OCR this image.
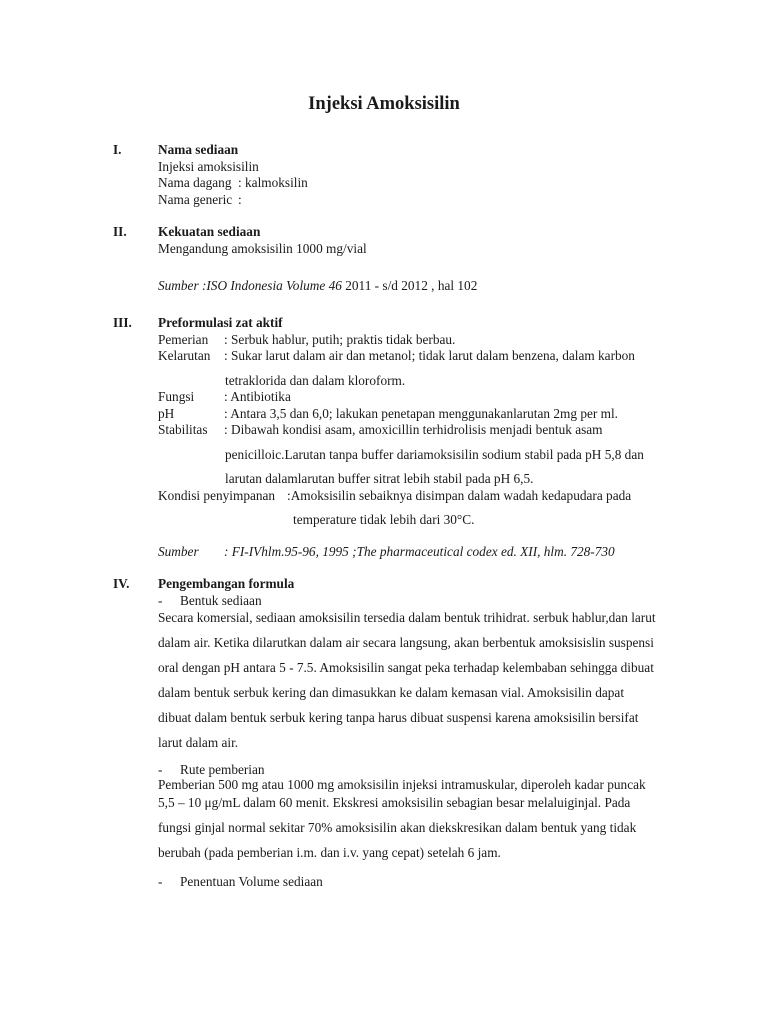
Injeksi Amoksisilin
I.	Nama sediaan
Injeksi amoksisilin
Nama dagang : kalmoksilin
Nama generic :
II. Kekuatan sediaan
Mengandung amoksisilin 1000 mg/vial
Sumber :ISO Indonesia Volume 46 2011 - s/d 2012 , hal 102
III. Preformulasi zat aktif
Pemerian	: Serbuk hablur, putih; praktis tidak berbau.
Kelarutan	: Sukar larut dalam air dan metanol; tidak larut dalam benzena, dalam karbon
tetraklorida dan dalam kloroform.
Fungsi	: Antibiotika
pH	: Antara 3,5 dan 6,0; lakukan penetapan menggunakanlarutan 2mg per ml.
Stabilitas	: Dibawah kondisi asam, amoxicillin terhidrolisis menjadi bentuk asam
penicilloic.Larutan tanpa buffer dariamoksisilin sodium stabil pada pH 5,8 dan
larutan dalamlarutan buffer sitrat lebih stabil pada pH 6,5.
Kondisi penyimpanan :Amoksisilin sebaiknya disimpan dalam wadah kedapudara pada
temperature tidak lebih dari 30°C.
Sumber	: FI-IVhlm.95-96, 1995 ;The pharmaceutical codex ed. XII, hlm. 728-730
IV. Pengembangan formula
-	Bentuk sediaan
Secara komersial, sediaan amoksisilin tersedia dalam bentuk trihidrat. serbuk hablur,dan larut
dalam air. Ketika dilarutkan dalam air secara langsung, akan berbentuk amoksisislin suspensi
oral dengan pH antara 5 - 7.5. Amoksisilin sangat peka terhadap kelembaban sehingga dibuat
dalam bentuk serbuk kering dan dimasukkan ke dalam kemasan vial. Amoksisilin dapat
dibuat dalam bentuk serbuk kering tanpa harus dibuat suspensi karena amoksisilin bersifat
larut dalam air.
-	Rute pemberian
Pemberian 500 mg atau 1000 mg amoksisilin injeksi intramuskular, diperoleh kadar puncak
5,5 – 10 μg/mL dalam 60 menit. Ekskresi amoksisilin sebagian besar melaluiginjal. Pada
fungsi ginjal normal sekitar 70% amoksisilin akan diekskresikan dalam bentuk yang tidak
berubah (pada pemberian i.m. dan i.v. yang cepat) setelah 6 jam.
-	Penentuan Volume sediaan
